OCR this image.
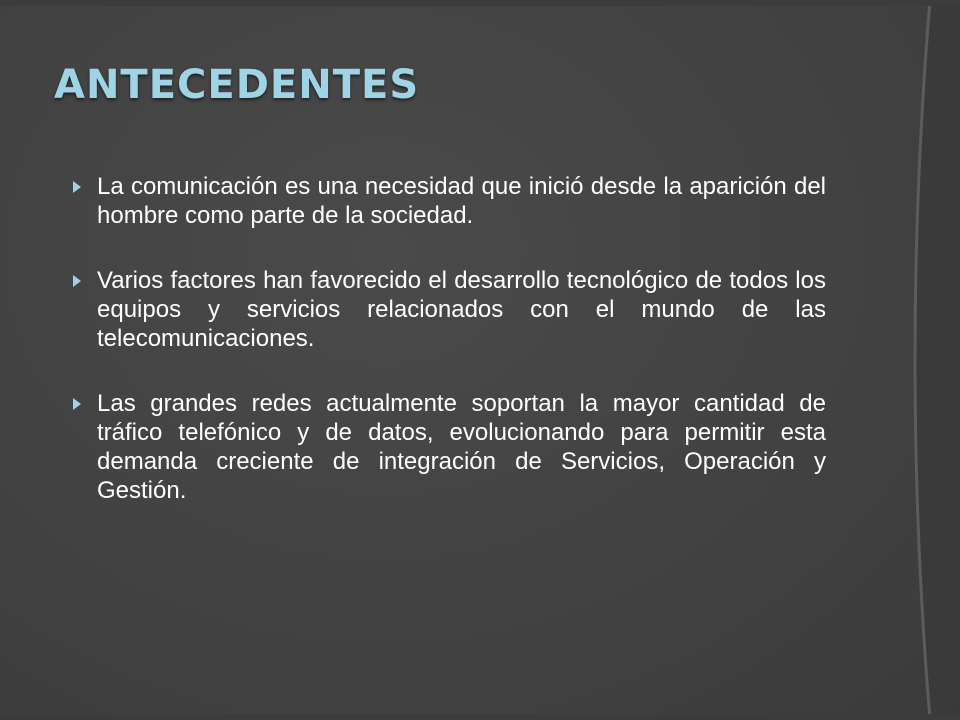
ANTECEDENTES
La comunicación es una necesidad que inició desde la aparición del hombre como parte de la sociedad.
Varios factores han favorecido el desarrollo tecnológico de todos los equipos y servicios relacionados con el mundo de las telecomunicaciones.
Las grandes redes actualmente soportan la mayor cantidad de tráfico telefónico y de datos, evolucionando para permitir esta demanda creciente de integración de Servicios, Operación y Gestión.
